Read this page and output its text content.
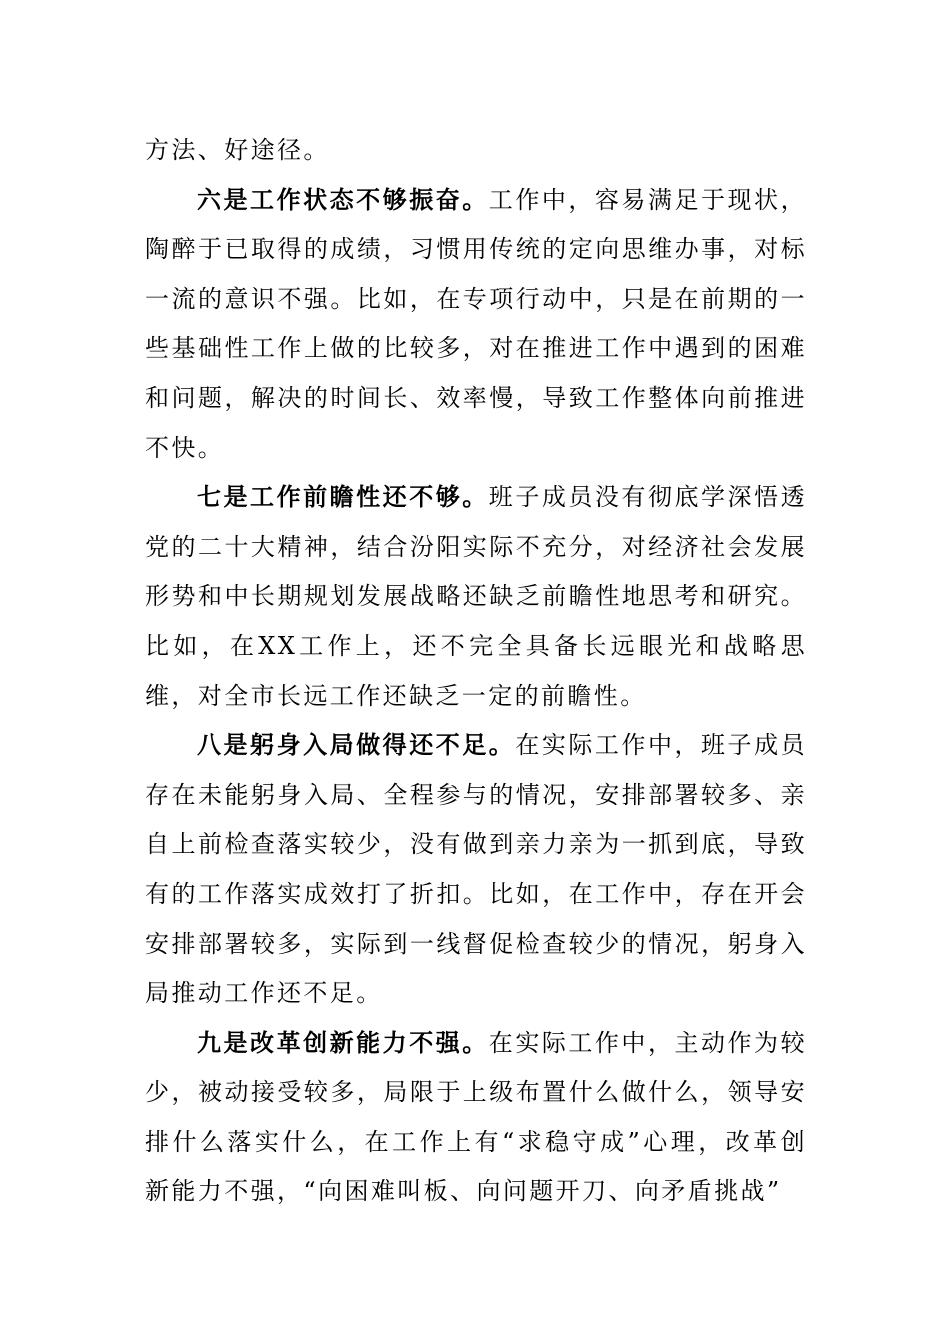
方法、好途径。

六是工作状态不够振奋。工作中，容易满足于现状，陶醉于已取得的成绩，习惯用传统的定向思维办事，对标一流的意识不强。比如，在专项行动中，只是在前期的一些基础性工作上做的比较多，对在推进工作中遇到的困难和问题，解决的时间长、效率慢，导致工作整体向前推进不快。

七是工作前瞻性还不够。班子成员没有彻底学深悟透党的二十大精神，结合汾阳实际不充分，对经济社会发展形势和中长期规划发展战略还缺乏前瞻性地思考和研究。比如，在XX工作上，还不完全具备长远眼光和战略思维，对全市长远工作还缺乏一定的前瞻性。

八是躬身入局做得还不足。在实际工作中，班子成员存在未能躬身入局、全程参与的情况，安排部署较多、亲自上前检查落实较少，没有做到亲力亲为一抓到底，导致有的工作落实成效打了折扣。比如，在工作中，存在开会安排部署较多，实际到一线督促检查较少的情况，躬身入局推动工作还不足。

九是改革创新能力不强。在实际工作中，主动作为较少，被动接受较多，局限于上级布置什么做什么，领导安排什么落实什么，在工作上有“求稳守成”心理，改革创新能力不强，“向困难叫板、向问题开刀、向矛盾挑战”
